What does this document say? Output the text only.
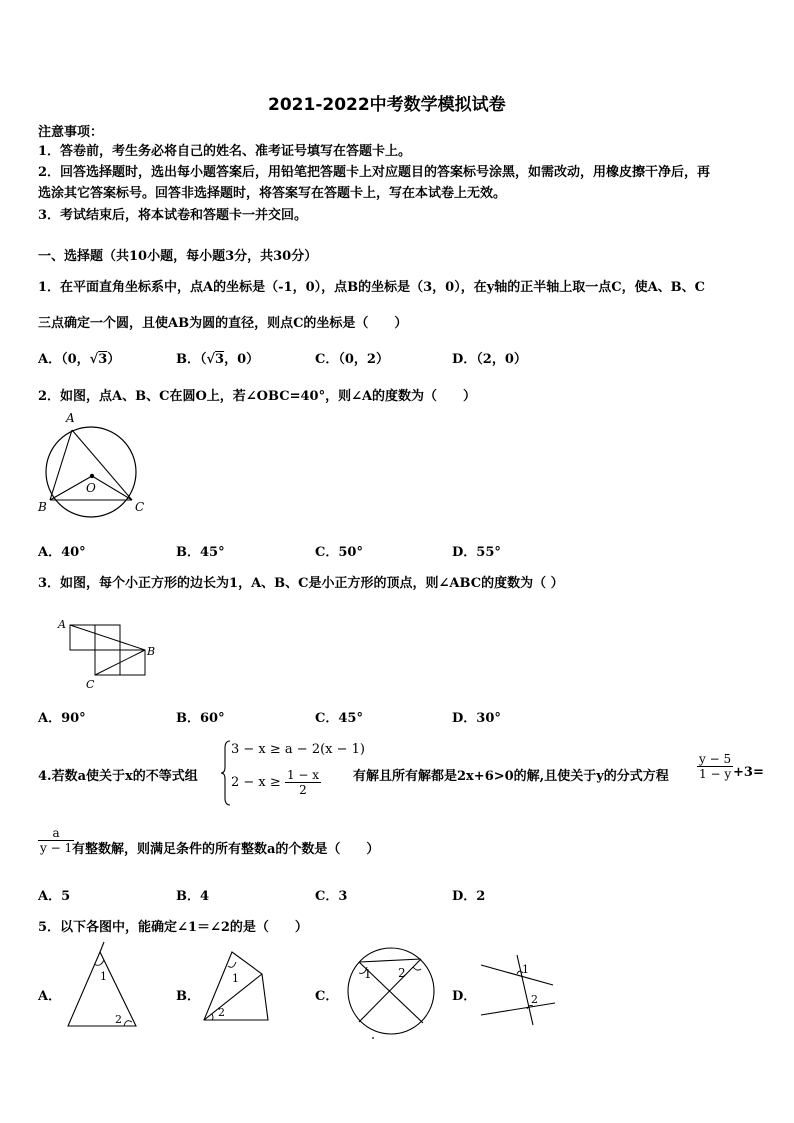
2021-2022中考数学模拟试卷
注意事项：
1．答卷前，考生务必将自己的姓名、准考证号填写在答题卡上。
2．回答选择题时，选出每小题答案后，用铅笔把答题卡上对应题目的答案标号涂黑，如需改动，用橡皮擦干净后，再
选涂其它答案标号。回答非选择题时，将答案写在答题卡上，写在本试卷上无效。
3．考试结束后，将本试卷和答题卡一并交回。
一、选择题（共10小题，每小题3分，共30分）
1．在平面直角坐标系中，点A的坐标是（-1，0），点B的坐标是（3，0），在y轴的正半轴上取一点C，使A、B、C
三点确定一个圆，且使AB为圆的直径，则点C的坐标是（　　）
A．（0，√3）	B．（√3，0）	C．（0，2）	D．（2，0）
2．如图，点A、B、C在圆O上，若∠OBC=40°，则∠A的度数为（　　）
A
O
B	C
A．40°	B．45°	C．50°	D．55°
3．如图，每个小正方形的边长为1，A、B、C是小正方形的顶点，则∠ABC的度数为（ ）
A
B
C
A．90°	B．60°	C．45°	D．30°
4.若数a使关于x的不等式组
3 − x ≥ a − 2(x − 1)
$2 - x \ge \frac{1 - x}{2}$ 有解且所有解都是2x+6>0的解,且使关于y的分式方程 $\frac{y - 5}{1 - y} +3=$
$\frac{a}{y - 1}$
有整数解，则满足条件的所有整数a的个数是（　　）
A．5	B．4	C．3	D．2
5．以下各图中，能确定∠1＝∠2的是（　　）
A．
1
2
B．
1
2
C．
1 2
D．
1
2
